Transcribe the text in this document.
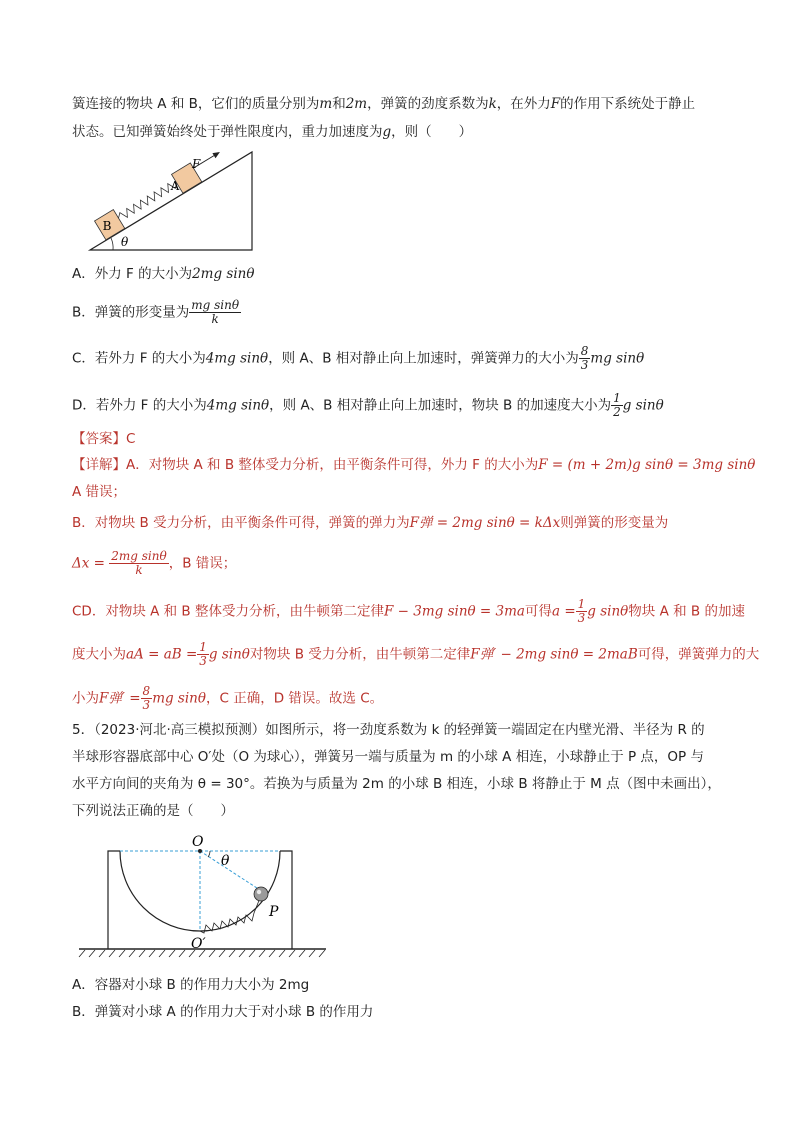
簧连接的物块 A 和 B，它们的质量分别为m和2m，弹簧的劲度系数为k，在外力F的作用下系统处于静止
状态。已知弹簧始终处于弹性限度内，重力加速度为g，则（　　）
B
A
F
θ
A．外力 F 的大小为2mg sinθ
B．弹簧的形变量为 $\frac{\text{mg sinθ}}{k}$
C．若外力 F 的大小为4mg sinθ，则 A、B 相对静止向上加速时，弹簧弹力的大小为 $\frac{8}{3}$ mg sinθ
D．若外力 F 的大小为4mg sinθ，则 A、B 相对静止向上加速时，物块 B 的加速度大小为 $\frac{1}{2}$ g sinθ
【答案】C
【详解】A．对物块 A 和 B 整体受力分析，由平衡条件可得，外力 F 的大小为F = (m + 2m)g sinθ = 3mg sinθ
A 错误；
B．对物块 B 受力分析，由平衡条件可得，弹簧的弹力为F弹 = 2mg sinθ = kΔx则弹簧的形变量为
$\Delta x = \frac{\text{2mg sinθ}}{k}$ ，B 错误；
CD．对物块 A 和 B 整体受力分析，由牛顿第二定律F − 3mg sinθ = 3ma可得$a = \frac{1}{3}$ g sinθ物块 A 和 B 的加速
度大小为aA = aB = $\frac{1}{3}$ g sinθ对物块 B 受力分析，由牛顿第二定律F弹′ − 2mg sinθ = 2maB可得，弹簧弹力的大
小为F弹′ = $\frac{8}{3}$ mg sinθ，C 正确，D 错误。故选 C。
5．（2023·河北·高三模拟预测）如图所示，将一劲度系数为 k 的轻弹簧一端固定在内壁光滑、半径为 R 的
半球形容器底部中心 O′处（O 为球心），弹簧另一端与质量为 m 的小球 A 相连，小球静止于 P 点，OP 与
水平方向间的夹角为 θ = 30°。若换为与质量为 2m 的小球 B 相连，小球 B 将静止于 M 点（图中未画出），
下列说法正确的是（　　）
O
θ
P
O′
A．容器对小球 B 的作用力大小为 2mg
B．弹簧对小球 A 的作用力大于对小球 B 的作用力
